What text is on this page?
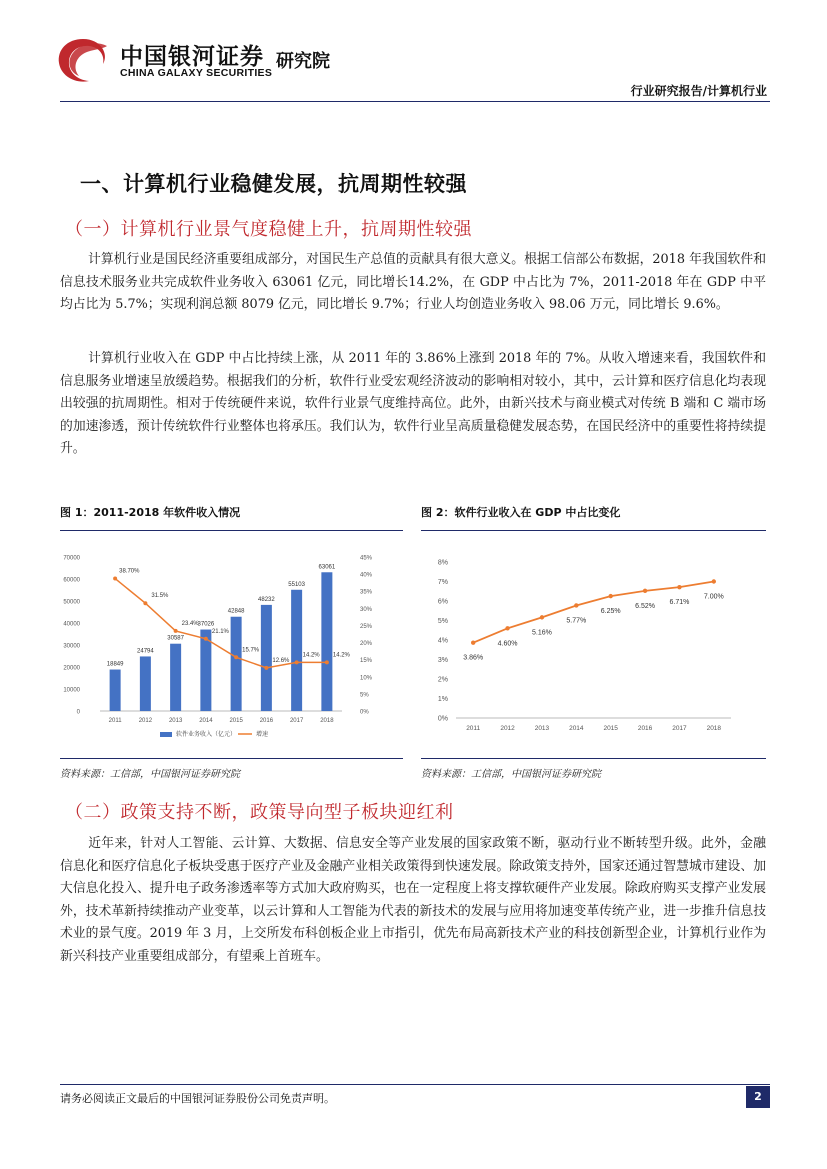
中国银河证券
CHINA GALAXY SECURITIES
研究院
行业研究报告/计算机行业
一、计算机行业稳健发展，抗周期性较强
（一）计算机行业景气度稳健上升，抗周期性较强
计算机行业是国民经济重要组成部分，对国民生产总值的贡献具有很大意义。根据工信部公布数据，2018 年我国软件和信息技术服务业共完成软件业务收入 63061 亿元，同比增长14.2%，在 GDP 中占比为 7%，2011-2018 年在 GDP 中平均占比为 5.7%；实现利润总额 8079 亿元，同比增长 9.7%；行业人均创造业务收入 98.06 万元，同比增长 9.6%。
计算机行业收入在 GDP 中占比持续上涨，从 2011 年的 3.86%上涨到 2018 年的 7%。从收入增速来看，我国软件和信息服务业增速呈放缓趋势。根据我们的分析，软件行业受宏观经济波动的影响相对较小，其中，云计算和医疗信息化均表现出较强的抗周期性。相对于传统硬件来说，软件行业景气度维持高位。此外，由新兴技术与商业模式对传统 B 端和 C 端市场的加速渗透，预计传统软件行业整体也将承压。我们认为，软件行业呈高质量稳健发展态势，在国民经济中的重要性将持续提升。
图 1：2011-2018 年软件收入情况	图 2：软件行业收入在 GDP 中占比变化
0
10000
20000
30000
40000
50000
60000
70000
0%
5%
10%
15%
20%
25%
30%
35%
40%
45%
18849
2011
24794
2012
30587
2013
37026
2014
42848
2015
48232
2016
55103
2017
63061
2018
38.70%
31.5%
23.4%
21.1%
15.7%
12.6%
14.2% 14.2%
软件业务收入（亿元）	增速
0%
1%
2%
3%
4%
5%
6%
7%
8%
3.86%
2011
4.60%
2012
5.16%
2013
5.77%
2014
6.25%
2015
6.52%
2016
6.71%
2017
7.00%
2018
资料来源：工信部，中国银河证券研究院	资料来源：工信部，中国银河证券研究院
（二）政策支持不断，政策导向型子板块迎红利
近年来，针对人工智能、云计算、大数据、信息安全等产业发展的国家政策不断，驱动行业不断转型升级。此外，金融信息化和医疗信息化子板块受惠于医疗产业及金融产业相关政策得到快速发展。除政策支持外，国家还通过智慧城市建设、加大信息化投入、提升电子政务渗透率等方式加大政府购买，也在一定程度上将支撑软硬件产业发展。除政府购买支撑产业发展外，技术革新持续推动产业变革，以云计算和人工智能为代表的新技术的发展与应用将加速变革传统产业，进一步推升信息技术业的景气度。2019 年 3 月，上交所发布科创板企业上市指引，优先布局高新技术产业的科技创新型企业，计算机行业作为新兴科技产业重要组成部分，有望乘上首班车。
请务必阅读正文最后的中国银河证券股份公司免责声明。	2
